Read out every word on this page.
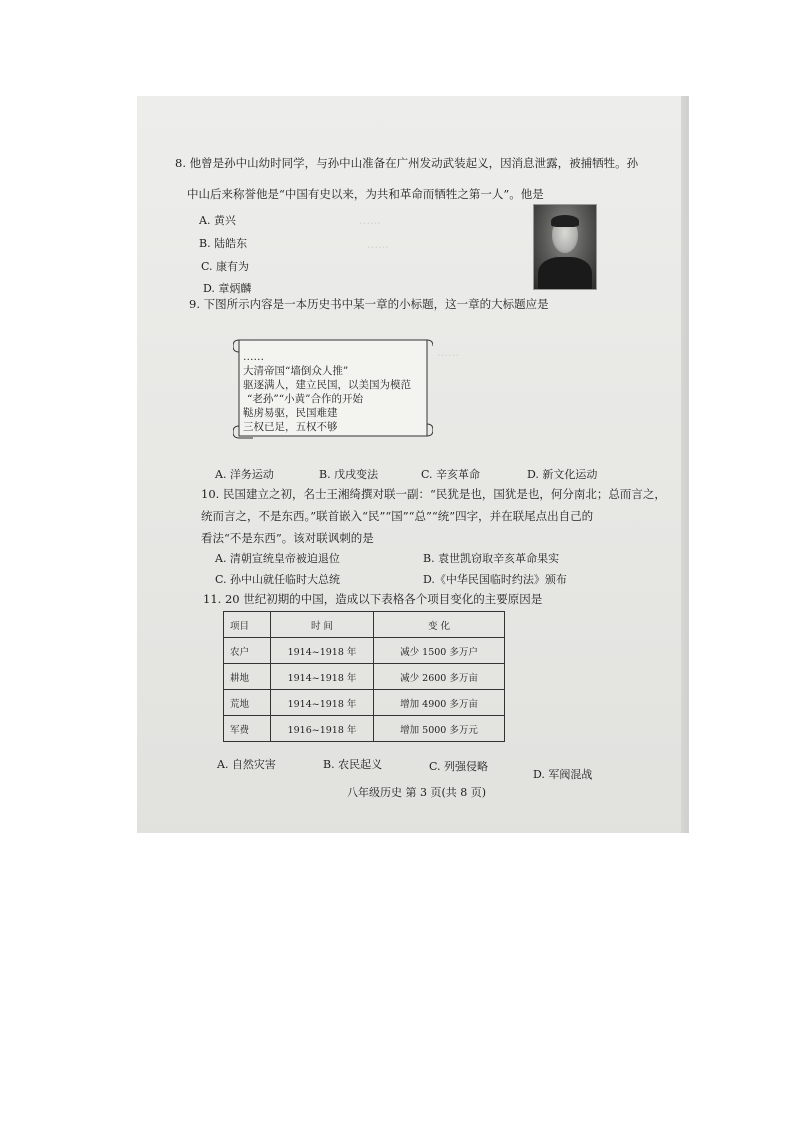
……
……
……
8. 他曾是孙中山幼时同学，与孙中山准备在广州发动武装起义，因消息泄露，被捕牺牲。孙
中山后来称誉他是“中国有史以来，为共和革命而牺牲之第一人”。他是
A. 黄兴
B. 陆皓东
C. 康有为
D. 章炳麟
9. 下图所示内容是一本历史书中某一章的小标题，这一章的大标题应是
……
大清帝国“墙倒众人推”
驱逐满人，建立民国，以美国为模范
“老孙”“小黄”合作的开始
鞑虏易驱，民国难建
三权已足，五权不够
A. 洋务运动	B. 戊戌变法	C. 辛亥革命	D. 新文化运动
10. 民国建立之初，名士王湘绮撰对联一副：“民犹是也，国犹是也，何分南北；总而言之，
统而言之，不是东西。”联首嵌入“民”“国”“总”“统”四字，并在联尾点出自己的
看法“不是东西”。该对联讽刺的是
A. 清朝宣统皇帝被迫退位	B. 袁世凯窃取辛亥革命果实
C. 孙中山就任临时大总统	D.《中华民国临时约法》颁布
11. 20 世纪初期的中国，造成以下表格各个项目变化的主要原因是
项目	时 间	变 化
农户	1914~1918 年	减少 1500 多万户
耕地	1914~1918 年	减少 2600 多万亩
荒地	1914~1918 年	增加 4900 多万亩
军费	1916~1918 年	增加 5000 多万元
A. 自然灾害	B. 农民起义	C. 列强侵略
D. 军阀混战
八年级历史 第 3 页(共 8 页)
